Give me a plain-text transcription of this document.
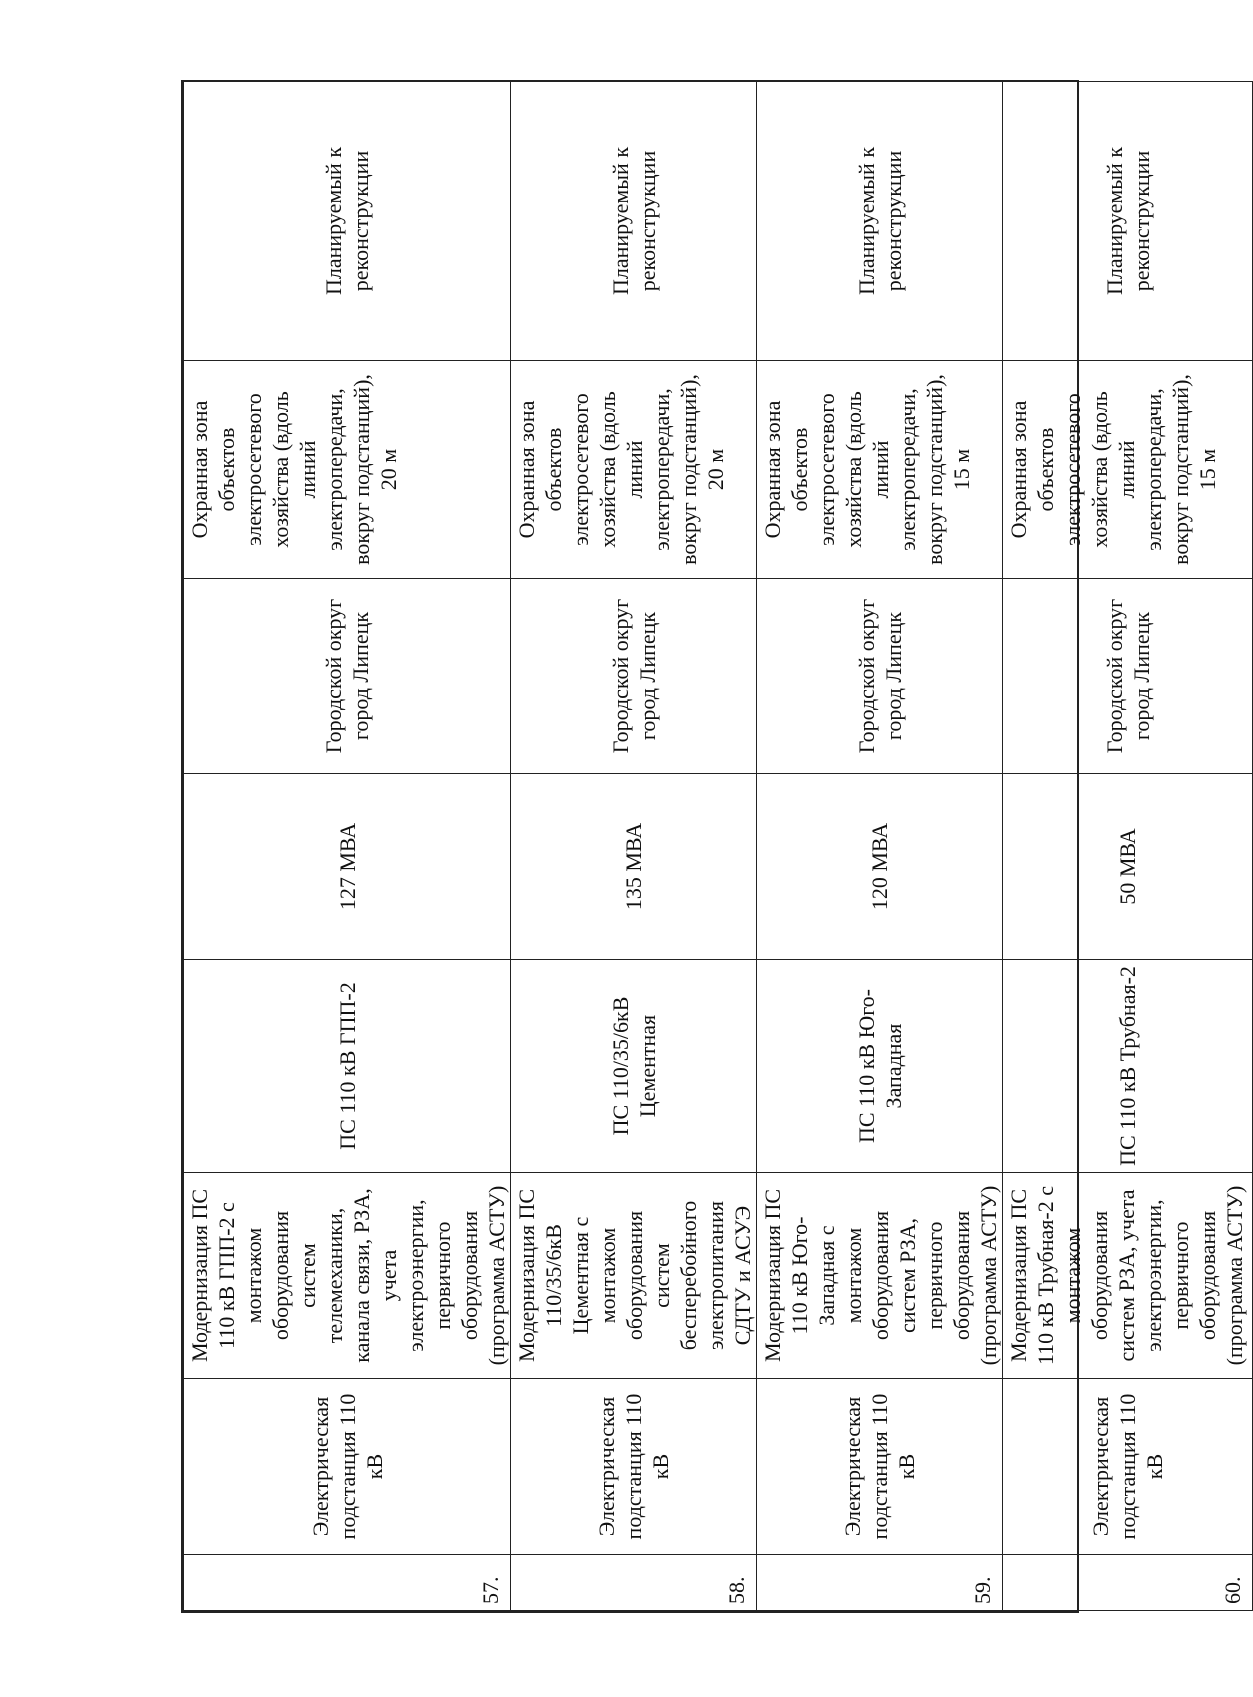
57.	Электрическая подстанция 110 кВ	Модернизация ПС 110 кВ ГПП-2 с монтажом оборудования систем телемеханики, канала связи, РЗА, учета электроэнергии, первичного оборудования (программа АСТУ)	ПС 110 кВ ГПП-2	127 МВА	Городской округ город Липецк	Охранная зона объектов электросетевого хозяйства (вдоль линий электропередачи, вокруг подстанций), 20 м	Планируемый к реконструкции
58.	Электрическая подстанция 110 кВ	Модернизация ПС 110/35/6кВ Цементная с монтажом оборудования систем бесперебойного электропитания СДТУ и АСУЭ	ПС 110/35/6кВ Цементная	135 МВА	Городской округ город Липецк	Охранная зона объектов электросетевого хозяйства (вдоль линий электропередачи, вокруг подстанций), 20 м	Планируемый к реконструкции
59.	Электрическая подстанция 110 кВ	Модернизация ПС 110 кВ Юго-Западная с монтажом оборудования систем РЗА, первичного оборудования (программа АСТУ)	ПС 110 кВ Юго-Западная	120 МВА	Городской округ город Липецк	Охранная зона объектов электросетевого хозяйства (вдоль линий электропередачи, вокруг подстанций), 15 м	Планируемый к реконструкции
60.	Электрическая подстанция 110 кВ	Модернизация ПС 110 кВ Трубная-2 с монтажом оборудования систем РЗА, учета электроэнергии, первичного оборудования (программа АСТУ)	ПС 110 кВ Трубная-2	50 МВА	Городской округ город Липецк	Охранная зона объектов электросетевого хозяйства (вдоль линий электропередачи, вокруг подстанций), 15 м	Планируемый к реконструкции
